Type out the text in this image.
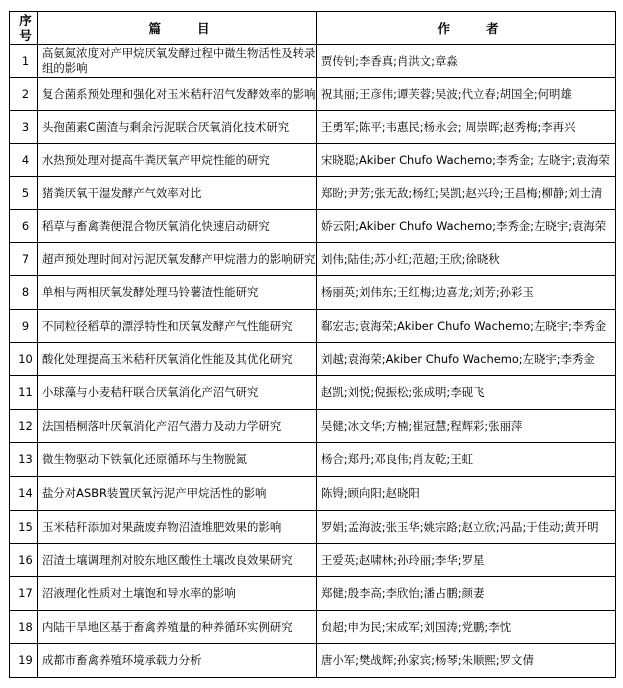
序号	篇目	作者
1	高氨氮浓度对产甲烷厌氧发酵过程中微生物活性及转录 组的影响	贾传钊;李香真;肖洪文;章淼
2	复合菌系预处理和强化对玉米秸秆沼气发酵效率的影响	祝其丽;王彦伟;谭芙蓉;吴波;代立春;胡国全;何明雄
3	头孢菌素C菌渣与剩余污泥联合厌氧消化技术研究	王勇军;陈平;韦惠民;杨永会; 周崇晖;赵秀梅;李再兴
4	水热预处理对提高牛粪厌氧产甲烷性能的研究	宋晓聪;Akiber Chufo Wachemo;李秀金; 左晓宇;袁海荣
5	猪粪厌氧干湿发酵产气效率对比	郑盼;尹芳;张无敌;杨红;吴凯;赵兴玲;王昌梅;柳静;刘士清
6	稻草与畜禽粪便混合物厌氧消化快速启动研究	娇云阳;Akiber Chufo Wachemo;李秀金;左晓宇;袁海荣
7	超声预处理时间对污泥厌氧发酵产甲烷潜力的影响研究	刘伟;陆佳;苏小红;范超;王欣;徐晓秋
8	单相与两相厌氧发酵处理马铃薯渣性能研究	杨丽英;刘伟东;王红梅;边喜龙;刘芳;孙彩玉
9	不同粒径稻草的漂浮特性和厌氧发酵产气性能研究	郗宏志;袁海荣;Akiber Chufo Wachemo;左晓宇;李秀金
10	酸化处理提高玉米秸秆厌氧消化性能及其优化研究	刘越;袁海荣;Akiber Chufo Wachemo;左晓宇;李秀金
11	小球藻与小麦秸秆联合厌氧消化产沼气研究	赵凯;刘悦;倪振松;张成明;李砚飞
12	法国梧桐落叶厌氧消化产沼气潜力及动力学研究	吴健;冰文华;方楠;崔冠慧;程辉彩;张丽萍
13	微生物驱动下铁氧化还原循环与生物脱氮	杨合;郑丹;邓良伟;肖友乾;王虹
14	盐分对ASBR装置厌氧污泥产甲烷活性的影响	陈锝;顾向阳;赵晓阳
15	玉米秸秆添加对果蔬废弃物沼渣堆肥效果的影响	罗娟;孟海波;张玉华;姚宗路;赵立欣;冯晶;于佳动;黄开明
16	沼渣土壤调理剂对胶东地区酸性土壤改良效果研究	王爱英;赵啸林;孙玲丽;李华;罗星
17	沼液理化性质对土壤饱和导水率的影响	郑健;殷李高;李欣怡;潘占鹏;颜妻
18	内陆干旱地区基于畜禽养殖量的种养循环实例研究	贠超;申为民;宋成军;刘国涛;党鹏;李忱
19	成都市畜禽养殖环境承载力分析	唐小军;樊战辉;孙家宾;杨琴;朱顺熙;罗文倩
